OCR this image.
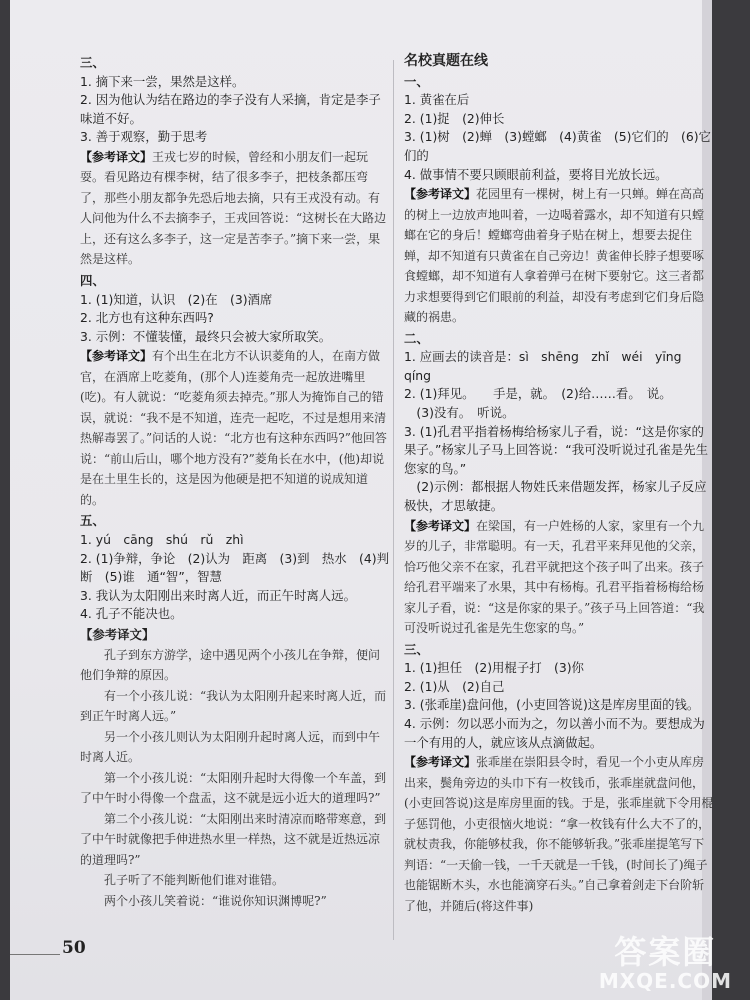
三、
1. 摘下来一尝，果然是这样。
2. 因为他认为结在路边的李子没有人采摘，肯定是李子味道不好。
3. 善于观察，勤于思考
【参考译文】王戎七岁的时候，曾经和小朋友们一起玩耍。看见路边有棵李树，结了很多李子，把枝条都压弯了，那些小朋友都争先恐后地去摘，只有王戎没有动。有人问他为什么不去摘李子，王戎回答说：“这树长在大路边上，还有这么多李子，这一定是苦李子。”摘下来一尝，果然是这样。
四、
1. (1)知道，认识　(2)在　(3)酒席
2. 北方也有这种东西吗?
3. 示例：不懂装懂，最终只会被大家所取笑。
【参考译文】有个出生在北方不认识菱角的人，在南方做官，在酒席上吃菱角，(那个人)连菱角壳一起放进嘴里(吃)。有人就说：“吃菱角须去掉壳。”那人为掩饰自己的错误，就说：“我不是不知道，连壳一起吃，不过是想用来清热解毒罢了。”问话的人说：“北方也有这种东西吗?”他回答说：“前山后山，哪个地方没有?”菱角长在水中，(他)却说是在土里生长的，这是因为他硬是把不知道的说成知道的。
五、
1. yú　cāng　shú　rǔ　zhì
2. (1)争辩，争论　(2)认为　距离　(3)到　热水　(4)判断　(5)谁　通“智”，智慧
3. 我认为太阳刚出来时离人近，而正午时离人远。
4. 孔子不能决也。
【参考译文】
孔子到东方游学，途中遇见两个小孩儿在争辩，便问他们争辩的原因。
有一个小孩儿说：“我认为太阳刚升起来时离人近，而到正午时离人远。”
另一个小孩儿则认为太阳刚升起时离人远，而到中午时离人近。
第一个小孩儿说：“太阳刚升起时大得像一个车盖，到了中午时小得像一个盘盂，这不就是远小近大的道理吗?”
第二个小孩儿说：“太阳刚出来时清凉而略带寒意，到了中午时就像把手伸进热水里一样热，这不就是近热远凉的道理吗?”
孔子听了不能判断他们谁对谁错。
两个小孩儿笑着说：“谁说你知识渊博呢?”
名校真题在线
一、
1. 黄雀在后
2. (1)捉　(2)伸长
3. (1)树　(2)蝉　(3)螳螂　(4)黄雀　(5)它们的　(6)它们的
4. 做事情不要只顾眼前利益，要将目光放长远。
【参考译文】花园里有一棵树，树上有一只蝉。蝉在高高的树上一边放声地叫着，一边喝着露水，却不知道有只螳螂在它的身后！螳螂弯曲着身子贴在树上，想要去捉住蝉，却不知道有只黄雀在自己旁边！黄雀伸长脖子想要啄食螳螂，却不知道有人拿着弹弓在树下要射它。这三者都力求想要得到它们眼前的利益，却没有考虑到它们身后隐藏的祸患。
二、
1. 应画去的读音是：sì　shēng　zhǐ　wéi　yīng　qíng
2. (1)拜见。　　手是，就。　(2)给……看。　说。
　(3)没有。　听说。
3. (1)孔君平指着杨梅给杨家儿子看，说：“这是你家的果子。”杨家儿子马上回答说：“我可没听说过孔雀是先生您家的鸟。”
　(2)示例：都根据人物姓氏来借题发挥，杨家儿子反应极快，才思敏捷。
【参考译文】在梁国，有一户姓杨的人家，家里有一个九岁的儿子，非常聪明。有一天，孔君平来拜见他的父亲，恰巧他父亲不在家，孔君平就把这个孩子叫了出来。孩子给孔君平端来了水果，其中有杨梅。孔君平指着杨梅给杨家儿子看，说：“这是你家的果子。”孩子马上回答道：“我可没听说过孔雀是先生您家的鸟。”
三、
1. (1)担任　(2)用棍子打　(3)你
2. (1)从　(2)自己
3. (张乖崖)盘问他，(小吏回答说)这是库房里面的钱。
4. 示例：勿以恶小而为之，勿以善小而不为。要想成为一个有用的人，就应该从点滴做起。
【参考译文】张乖崖在崇阳县令时，看见一个小吏从库房出来，鬓角旁边的头巾下有一枚钱币，张乖崖就盘问他，(小吏回答说)这是库房里面的钱。于是，张乖崖就下令用棍子惩罚他，小吏很恼火地说：“拿一枚钱有什么大不了的，就杖责我，你能够杖我，你不能够斩我。”张乖崖提笔写下判语：“一天偷一钱，一千天就是一千钱，(时间长了)绳子也能锯断木头，水也能滴穿石头。”自己拿着剑走下台阶斩了他，并随后(将这件事)
50	答案圈
MXQE.COM
